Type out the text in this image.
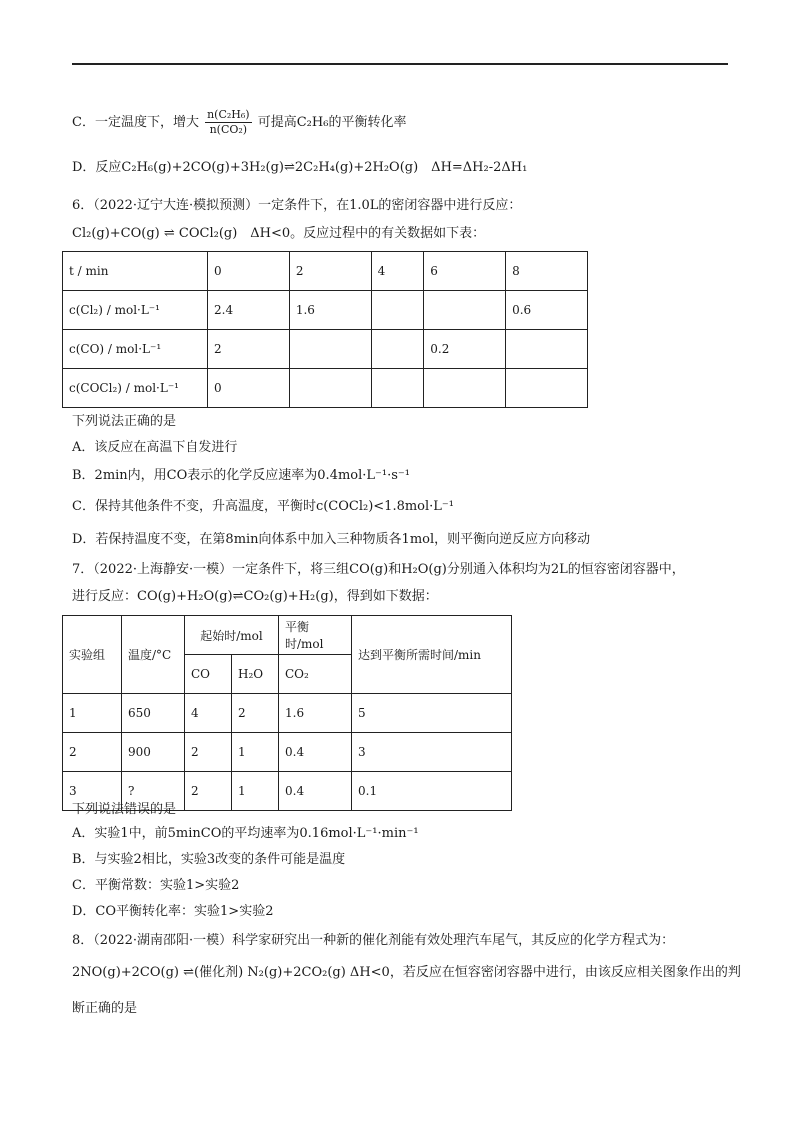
C．一定温度下，增大 $\frac{\text{n(C₂H₆)}}{\text{n(CO₂)}}$ 可提高C₂H₆的平衡转化率
D．反应C₂H₆(g)+2CO(g)+3H₂(g)⇌2C₂H₄(g)+2H₂O(g)　ΔH=ΔH₂-2ΔH₁
6．（2022·辽宁大连·模拟预测）一定条件下，在1.0L的密闭容器中进行反应：
Cl₂(g)+CO(g) ⇌ COCl₂(g)　ΔH<0。反应过程中的有关数据如下表：
t / min	0	2	4	6	8
c(Cl₂) / mol·L⁻¹	2.4	1.6			0.6
c(CO) / mol·L⁻¹	2			0.2	
c(COCl₂) / mol·L⁻¹	0				
下列说法正确的是
A．该反应在高温下自发进行
B．2min内，用CO表示的化学反应速率为0.4mol·L⁻¹·s⁻¹
C．保持其他条件不变，升高温度，平衡时c(COCl₂)<1.8mol·L⁻¹
D．若保持温度不变，在第8min向体系中加入三种物质各1mol，则平衡向逆反应方向移动
7．（2022·上海静安·一模）一定条件下，将三组CO(g)和H₂O(g)分别通入体积均为2L的恒容密闭容器中，
进行反应：CO(g)+H₂O(g)⇌CO₂(g)+H₂(g)，得到如下数据：
实验组	温度/°C	起始时/mol		平衡时/mol	达到平衡所需时间/min
		CO	H₂O	CO₂	
1	650	4	2	1.6	5
2	900	2	1	0.4	3
3	?	2	1	0.4	0.1
下列说法错误的是
A．实验1中，前5minCO的平均速率为0.16mol·L⁻¹·min⁻¹
B．与实验2相比，实验3改变的条件可能是温度
C．平衡常数：实验1>实验2
D．CO平衡转化率：实验1>实验2
8．（2022·湖南邵阳·一模）科学家研究出一种新的催化剂能有效处理汽车尾气，其反应的化学方程式为：
2NO(g)+2CO(g) ⇌(催化剂) N₂(g)+2CO₂(g) ΔH<0，若反应在恒容密闭容器中进行，由该反应相关图象作出的判
断正确的是
